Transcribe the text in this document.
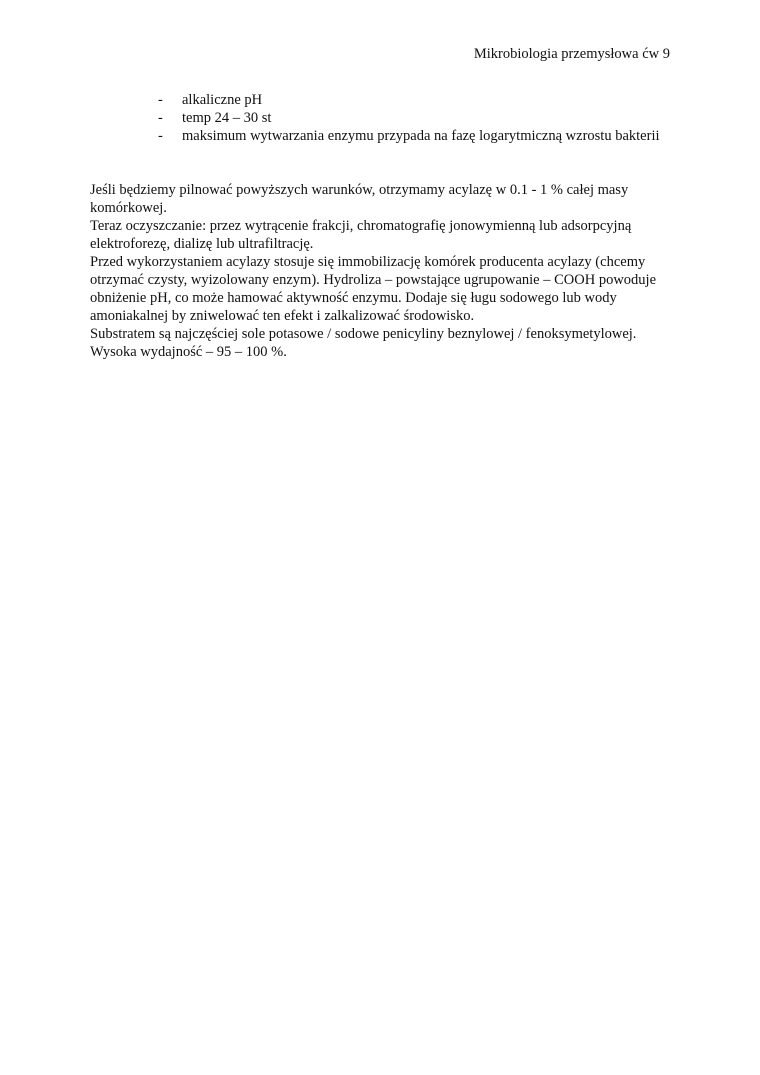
Mikrobiologia przemysłowa ćw 9
- alkaliczne pH
- temp 24 – 30 st
- maksimum wytwarzania enzymu przypada na fazę logarytmiczną wzrostu bakterii

Jeśli będziemy pilnować powyższych warunków, otrzymamy acylazę w 0.1 - 1 % całej masy komórkowej.

Teraz oczyszczanie: przez wytrącenie frakcji, chromatografię jonowymienną lub adsorpcyjną elektroforezę, dializę lub ultrafiltrację.

Przed wykorzystaniem acylazy stosuje się immobilizację komórek producenta acylazy (chcemy otrzymać czysty, wyizolowany enzym). Hydroliza – powstające ugrupowanie – COOH powoduje obniżenie pH, co może hamować aktywność enzymu. Dodaje się ługu sodowego lub wody amoniakalnej by zniwelować ten efekt i zalkalizować środowisko.

Substratem są najczęściej sole potasowe / sodowe penicyliny beznylowej / fenoksymetylowej.

Wysoka wydajność – 95 – 100 %.
